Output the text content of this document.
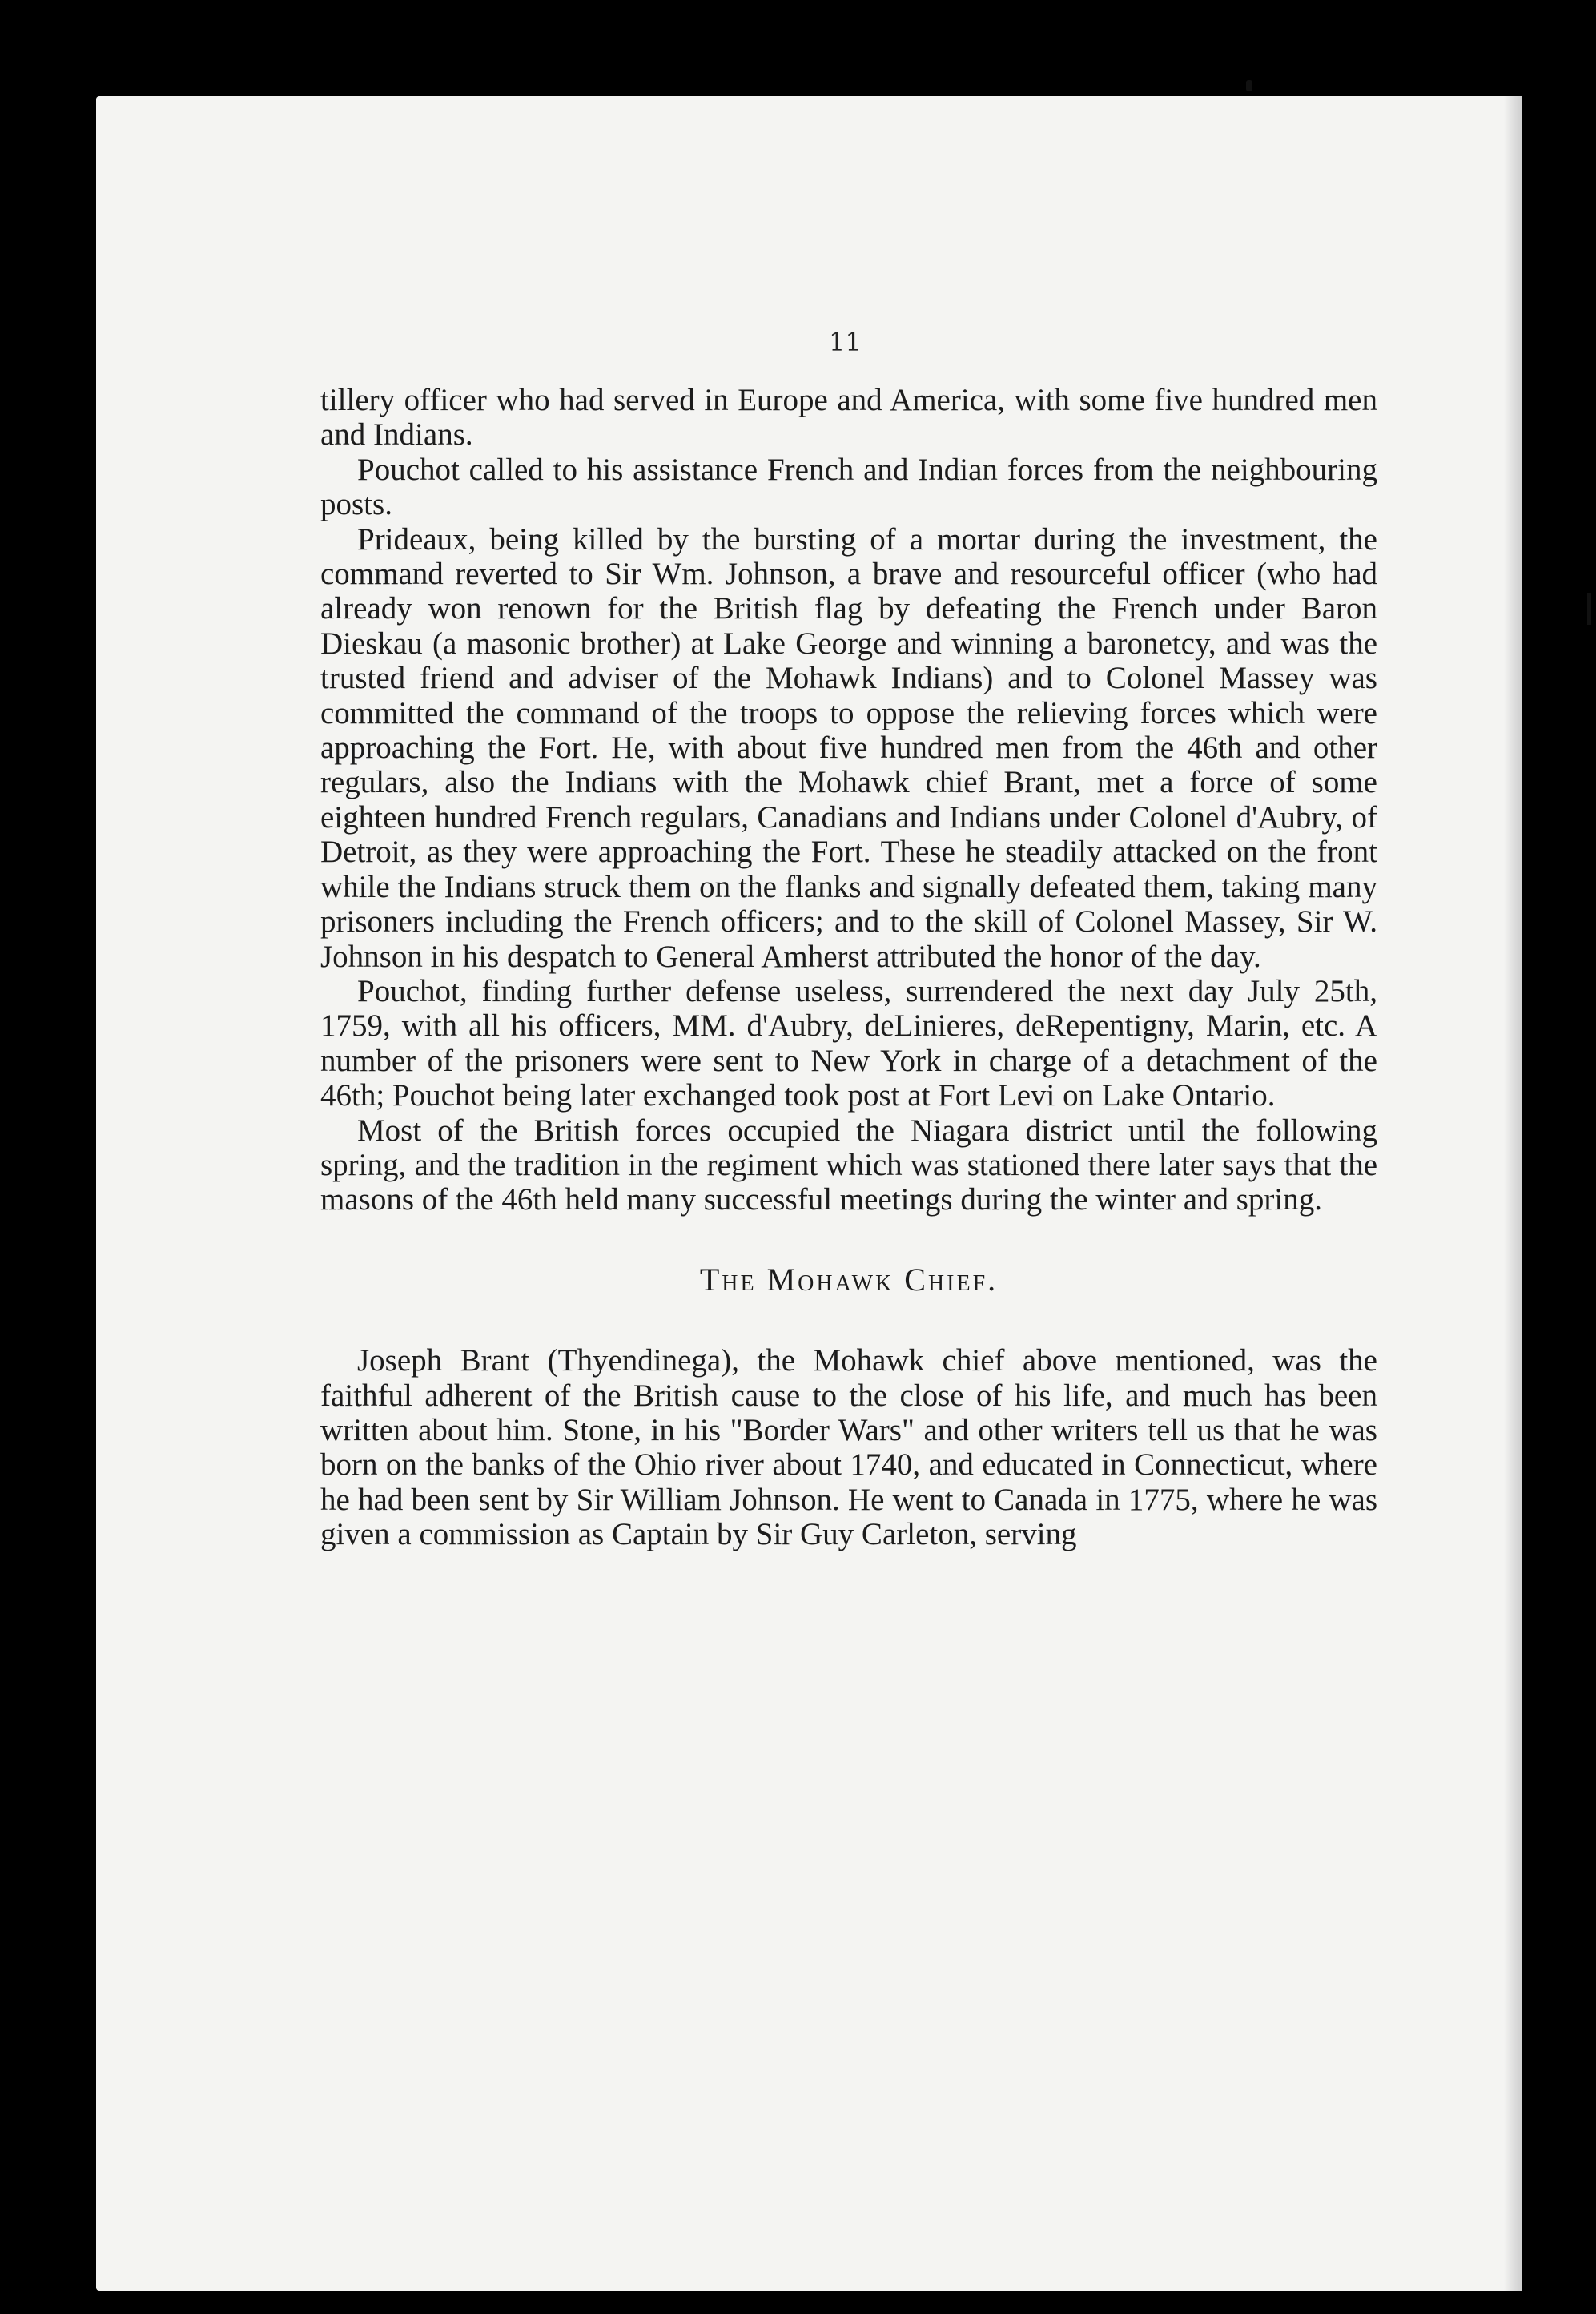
11

tillery officer who had served in Europe and America, with some five hundred men and Indians.

Pouchot called to his assistance French and Indian forces from the neighbouring posts.

Prideaux, being killed by the bursting of a mortar during the investment, the command reverted to Sir Wm. Johnson, a brave and resourceful officer (who had already won renown for the British flag by defeating the French under Baron Dieskau (a masonic brother) at Lake George and winning a baronetcy, and was the trusted friend and adviser of the Mohawk Indians) and to Colonel Massey was committed the command of the troops to oppose the relieving forces which were approaching the Fort. He, with about five hundred men from the 46th and other regulars, also the Indians with the Mohawk chief Brant, met a force of some eighteen hundred French regulars, Canadians and Indians under Colonel d'Aubry, of Detroit, as they were approaching the Fort. These he steadily attacked on the front while the Indians struck them on the flanks and signally defeated them, taking many prisoners including the French officers; and to the skill of Colonel Massey, Sir W. Johnson in his despatch to General Amherst attributed the honor of the day.

Pouchot, finding further defense useless, surrendered the next day July 25th, 1759, with all his officers, MM. d'Aubry, deLinieres, deRepentigny, Marin, etc. A number of the prisoners were sent to New York in charge of a detachment of the 46th; Pouchot being later exchanged took post at Fort Levi on Lake Ontario.

Most of the British forces occupied the Niagara district until the following spring, and the tradition in the regiment which was stationed there later says that the masons of the 46th held many successful meetings during the winter and spring.

The Mohawk Chief.

Joseph Brant (Thyendinega), the Mohawk chief above mentioned, was the faithful adherent of the British cause to the close of his life, and much has been written about him. Stone, in his "Border Wars" and other writers tell us that he was born on the banks of the Ohio river about 1740, and educated in Connecticut, where he had been sent by Sir William Johnson. He went to Canada in 1775, where he was given a commission as Captain by Sir Guy Carleton, serving
